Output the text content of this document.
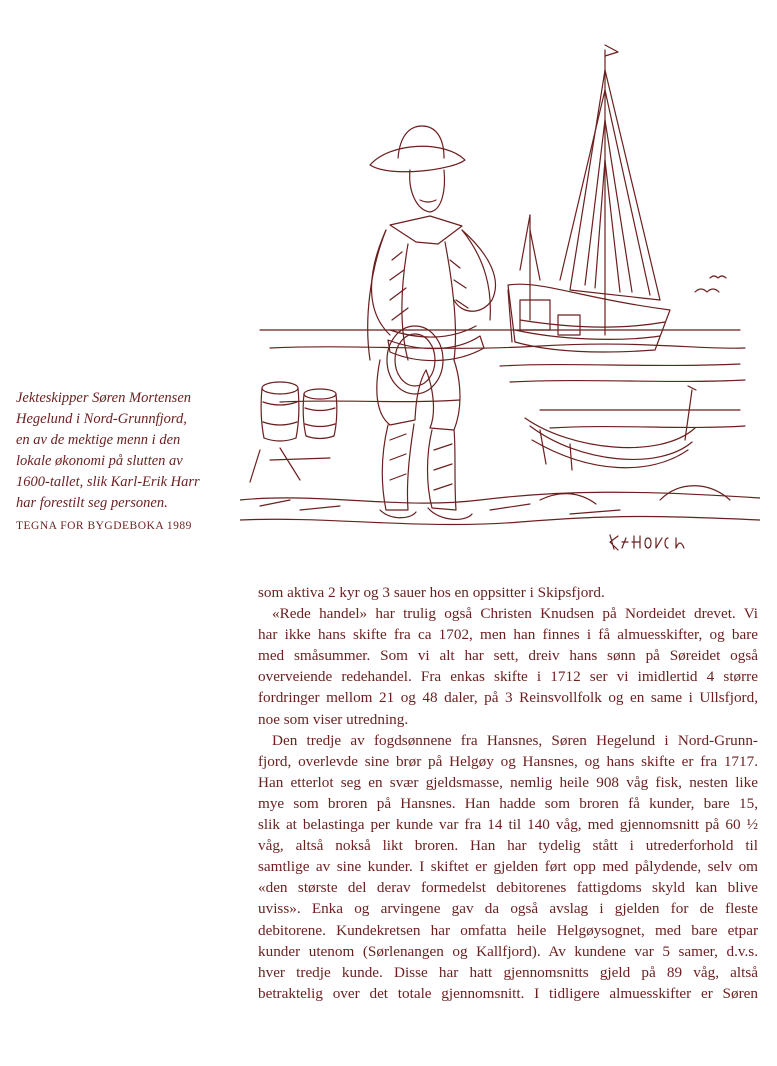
Jekteskipper Søren Mortensen
Hegelund i Nord-Grunnfjord,
en av de mektige menn i den
lokale økonomi på slutten av
1600-tallet, slik Karl-Erik Harr
har forestilt seg personen.
TEGNA FOR BYGDEBOKA 1989

som aktiva 2 kyr og 3 sauer hos en oppsitter i Skipsfjord.

«Rede handel» har trulig også Christen Knudsen på Nordeidet drevet. Vi
har ikke hans skifte fra ca 1702, men han finnes i få almuesskifter, og bare
med småsummer. Som vi alt har sett, dreiv hans sønn på Søreidet også
overveiende redehandel. Fra enkas skifte i 1712 ser vi imidlertid 4 større
fordringer mellom 21 og 48 daler, på 3 Reinsvollfolk og en same i Ullsfjord,
noe som viser utredning.

Den tredje av fogdsønnene fra Hansnes, Søren Hegelund i Nord-Grunn-
fjord, overlevde sine brør på Helgøy og Hansnes, og hans skifte er fra 1717.
Han etterlot seg en svær gjeldsmasse, nemlig heile 908 våg fisk, nesten like
mye som broren på Hansnes. Han hadde som broren få kunder, bare 15,
slik at belastinga per kunde var fra 14 til 140 våg, med gjennomsnitt på 60 ½
våg, altså nokså likt broren. Han har tydelig stått i utrederforhold til
samtlige av sine kunder. I skiftet er gjelden ført opp med pålydende, selv om
«den største del derav formedelst debitorenes fattigdoms skyld kan blive
uviss». Enka og arvingene gav da også avslag i gjelden for de fleste
debitorene. Kundekretsen har omfatta heile Helgøysognet, med bare etpar
kunder utenom (Sørlenangen og Kallfjord). Av kundene var 5 samer, d.v.s.
hver tredje kunde. Disse har hatt gjennomsnitts gjeld på 89 våg, altså
betraktelig over det totale gjennomsnitt. I tidligere almuesskifter er Søren
